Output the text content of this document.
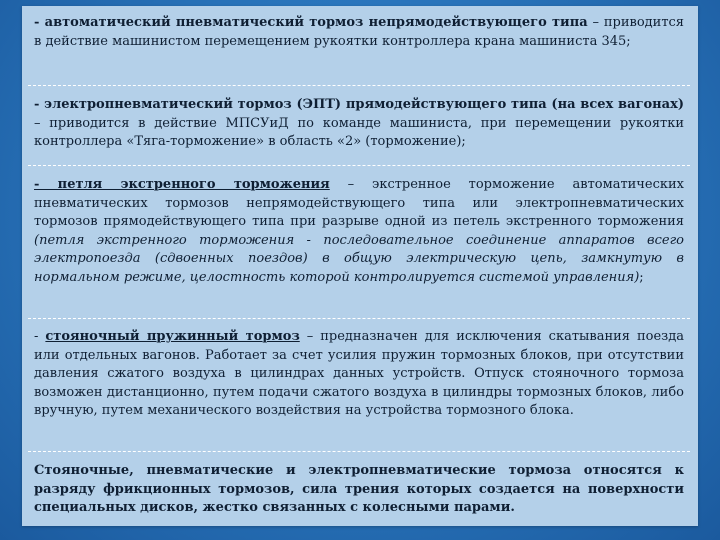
- автоматический пневматический тормоз непрямодействующего типа – приводится в действие машинистом перемещением рукоятки контроллера крана машиниста 345;
- электропневматический тормоз (ЭПТ) прямодействующего типа (на всех вагонах) – приводится в действие МПСУиД по команде машиниста, при перемещении рукоятки контроллера «Тяга-торможение» в область «2» (торможение);
- петля экстренного торможения – экстренное торможение автоматических пневматических тормозов непрямодействующего типа или электропневматических тормозов прямодействующего типа при разрыве одной из петель экстренного торможения (петля экстренного торможения - последовательное соединение аппаратов всего электропоезда (сдвоенных поездов) в общую электрическую цепь, замкнутую в нормальном режиме, целостность которой контролируется системой управления);
- стояночный пружинный тормоз – предназначен для исключения скатывания поезда или отдельных вагонов. Работает за счет усилия пружин тормозных блоков, при отсутствии давления сжатого воздуха в цилиндрах данных устройств. Отпуск стояночного тормоза возможен дистанционно, путем подачи сжатого воздуха в цилиндры тормозных блоков, либо вручную, путем механического воздействия на устройства тормозного блока.
Стояночные, пневматические и электропневматические тормоза относятся к разряду фрикционных тормозов, сила трения которых создается на поверхности специальных дисков, жестко связанных с колесными парами.
